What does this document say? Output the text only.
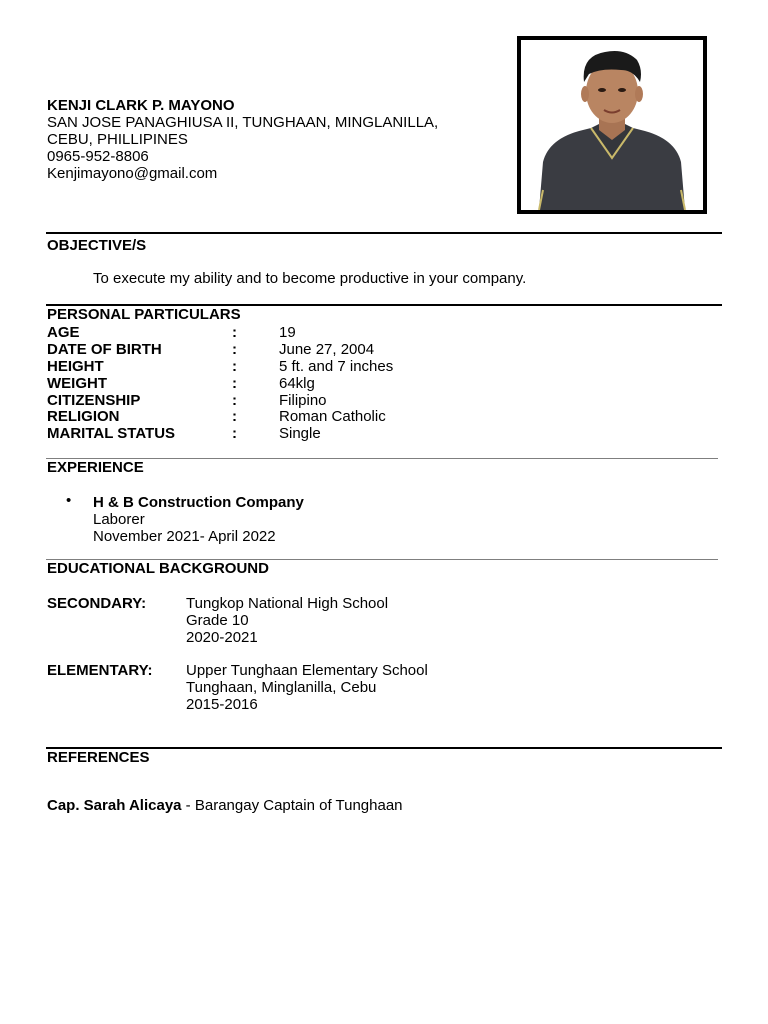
KENJI CLARK P. MAYONO
SAN JOSE PANAGHIUSA II, TUNGHAAN, MINGLANILLA,
CEBU, PHILLIPINES
0965-952-8806
Kenjimayono@gmail.com
OBJECTIVE/S
To execute my ability and to become productive in your company.
PERSONAL PARTICULARS
AGE	:	19
DATE OF BIRTH	:	June 27, 2004
HEIGHT	:	5 ft. and 7 inches
WEIGHT	:	64klg
CITIZENSHIP	:	Filipino
RELIGION	:	Roman Catholic
MARITAL STATUS	:	Single
EXPERIENCE
• H & B Construction Company
Laborer
November 2021- April 2022
EDUCATIONAL BACKGROUND
SECONDARY:	Tungkop National High School
Grade 10
2020-2021
ELEMENTARY: Upper Tunghaan Elementary School
Tunghaan, Minglanilla, Cebu
2015-2016
REFERENCES
Cap. Sarah Alicaya - Barangay Captain of Tunghaan
